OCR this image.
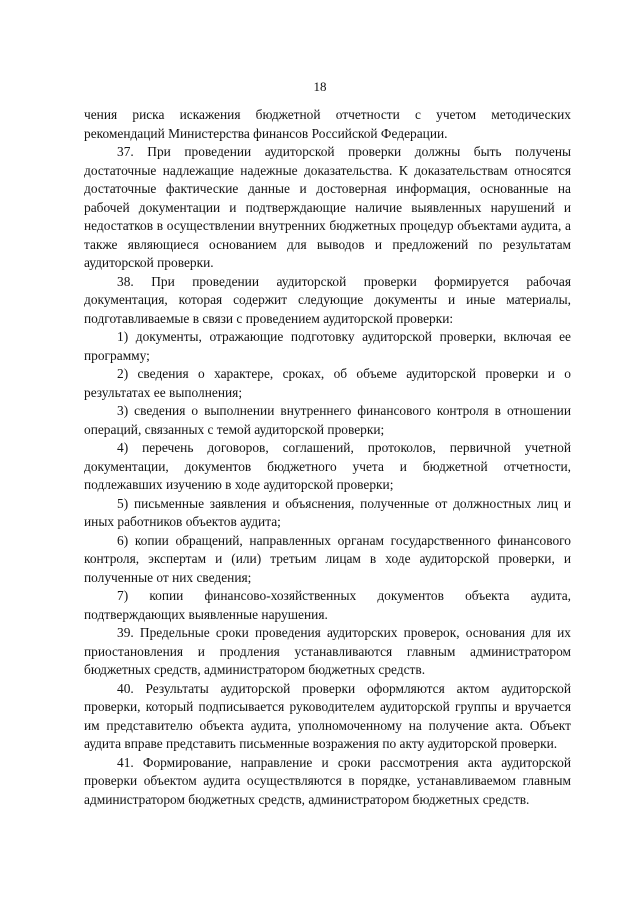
18

чения риска искажения бюджетной отчетности с учетом методических рекомендаций Министерства финансов Российской Федерации.

37. При проведении аудиторской проверки должны быть получены достаточные надлежащие надежные доказательства. К доказательствам относятся достаточные фактические данные и достоверная информация, основанные на рабочей документации и подтверждающие наличие выявленных нарушений и недостатков в осуществлении внутренних бюджетных процедур объектами аудита, а также являющиеся основанием для выводов и предложений по результатам аудиторской проверки.

38. При проведении аудиторской проверки формируется рабочая документация, которая содержит следующие документы и иные материалы, подготавливаемые в связи с проведением аудиторской проверки:

1) документы, отражающие подготовку аудиторской проверки, включая ее программу;

2) сведения о характере, сроках, об объеме аудиторской проверки и о результатах ее выполнения;

3) сведения о выполнении внутреннего финансового контроля в отношении операций, связанных с темой аудиторской проверки;

4) перечень договоров, соглашений, протоколов, первичной учетной документации, документов бюджетного учета и бюджетной отчетности, подлежавших изучению в ходе аудиторской проверки;

5) письменные заявления и объяснения, полученные от должностных лиц и иных работников объектов аудита;

6) копии обращений, направленных органам государственного финансового контроля, экспертам и (или) третьим лицам в ходе аудиторской проверки, и полученные от них сведения;

7) копии финансово-хозяйственных документов объекта аудита, подтверждающих выявленные нарушения.

39. Предельные сроки проведения аудиторских проверок, основания для их приостановления и продления устанавливаются главным администратором бюджетных средств, администратором бюджетных средств.

40. Результаты аудиторской проверки оформляются актом аудиторской проверки, который подписывается руководителем аудиторской группы и вручается им представителю объекта аудита, уполномоченному на получение акта. Объект аудита вправе представить письменные возражения по акту аудиторской проверки.

41. Формирование, направление и сроки рассмотрения акта аудиторской проверки объектом аудита осуществляются в порядке, устанавливаемом главным администратором бюджетных средств, администратором бюджетных средств.
